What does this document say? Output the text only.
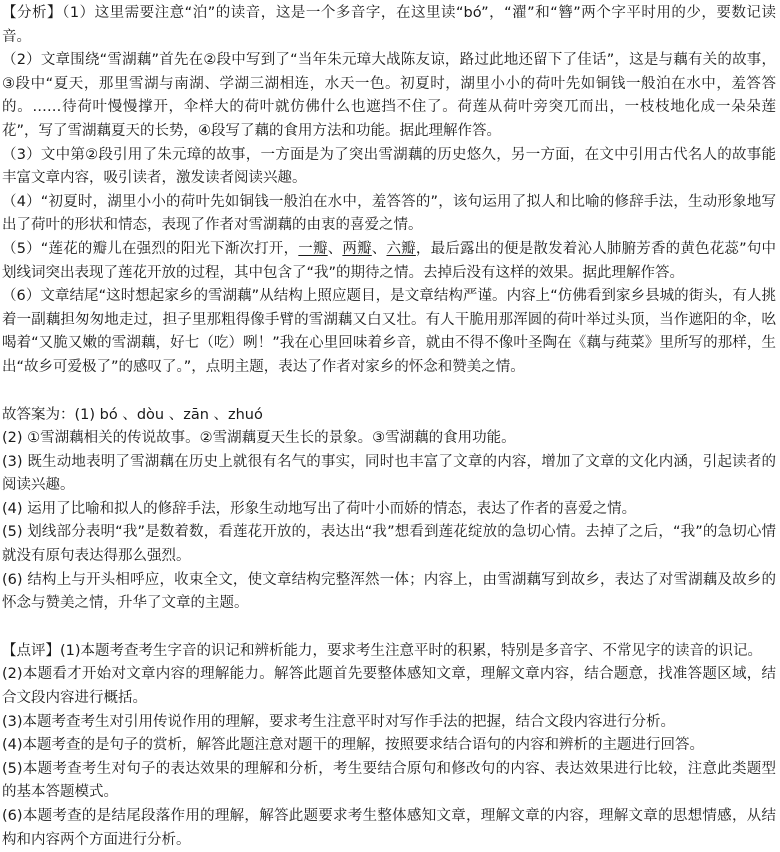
【分析】（1）这里需要注意“泊”的读音，这是一个多音字，在这里读“bó”，“濯”和“簪”两个字平时用的少，要数记读音。

（2）文章围绕“雪湖藕”首先在②段中写到了“当年朱元璋大战陈友谅，路过此地还留下了佳话”，这是与藕有关的故事，③段中“夏天，那里雪湖与南湖、学湖三湖相连，水天一色。初夏时，湖里小小的荷叶先如铜钱一般泊在水中，羞答答的。……待荷叶慢慢撑开，伞样大的荷叶就仿佛什么也遮挡不住了。荷莲从荷叶旁突兀而出，一枝枝地化成一朵朵莲花”，写了雪湖藕夏天的长势，④段写了藕的食用方法和功能。据此理解作答。

（3）文中第②段引用了朱元璋的故事，一方面是为了突出雪湖藕的历史悠久，另一方面，在文中引用古代名人的故事能丰富文章内容，吸引读者，激发读者阅读兴趣。

（4）“初夏时，湖里小小的荷叶先如铜钱一般泊在水中，羞答答的”，该句运用了拟人和比喻的修辞手法，生动形象地写出了荷叶的形状和情态，表现了作者对雪湖藕的由衷的喜爱之情。

（5）“莲花的瓣儿在强烈的阳光下渐次打开，一瓣、两瓣、六瓣，最后露出的便是散发着沁人肺腑芳香的黄色花蕊”句中划线词突出表现了莲花开放的过程，其中包含了“我”的期待之情。去掉后没有这样的效果。据此理解作答。

（6）文章结尾“这时想起家乡的雪湖藕”从结构上照应题目，是文章结构严谨。内容上“仿佛看到家乡县城的街头，有人挑着一副藕担匆匆地走过，担子里那粗得像手臂的雪湖藕又白又壮。有人干脆用那浑圆的荷叶举过头顶，当作遮阳的伞，吆喝着“又脆又嫩的雪湖藕，好七（吃）咧！”我在心里回味着乡音，就由不得不像叶圣陶在《藕与莼菜》里所写的那样，生出“故乡可爱极了”的感叹了。”，点明主题，表达了作者对家乡的怀念和赞美之情。

故答案为：(1) bó 、dòu 、zān 、zhuó

(2) ①雪湖藕相关的传说故事。②雪湖藕夏天生长的景象。③雪湖藕的食用功能。

(3) 既生动地表明了雪湖藕在历史上就很有名气的事实，同时也丰富了文章的内容，增加了文章的文化内涵，引起读者的阅读兴趣。

(4) 运用了比喻和拟人的修辞手法，形象生动地写出了荷叶小而娇的情态，表达了作者的喜爱之情。

(5) 划线部分表明“我”是数着数，看莲花开放的，表达出“我”想看到莲花绽放的急切心情。去掉了之后，“我”的急切心情就没有原句表达得那么强烈。

(6) 结构上与开头相呼应，收束全文，使文章结构完整浑然一体；内容上，由雪湖藕写到故乡，表达了对雪湖藕及故乡的怀念与赞美之情，升华了文章的主题。

【点评】(1)本题考查考生字音的识记和辨析能力，要求考生注意平时的积累，特别是多音字、不常见字的读音的识记。

(2)本题看才开始对文章内容的理解能力。解答此题首先要整体感知文章，理解文章内容，结合题意，找准答题区域，结合文段内容进行概括。

(3)本题考查考生对引用传说作用的理解，要求考生注意平时对写作手法的把握，结合文段内容进行分析。

(4)本题考查的是句子的赏析，解答此题注意对题干的理解，按照要求结合语句的内容和辨析的主题进行回答。

(5)本题考查考生对句子的表达效果的理解和分析，考生要结合原句和修改句的内容、表达效果进行比较，注意此类题型的基本答题模式。

(6)本题考查的是结尾段落作用的理解，解答此题要求考生整体感知文章，理解文章的内容，理解文章的思想情感，从结构和内容两个方面进行分析。
